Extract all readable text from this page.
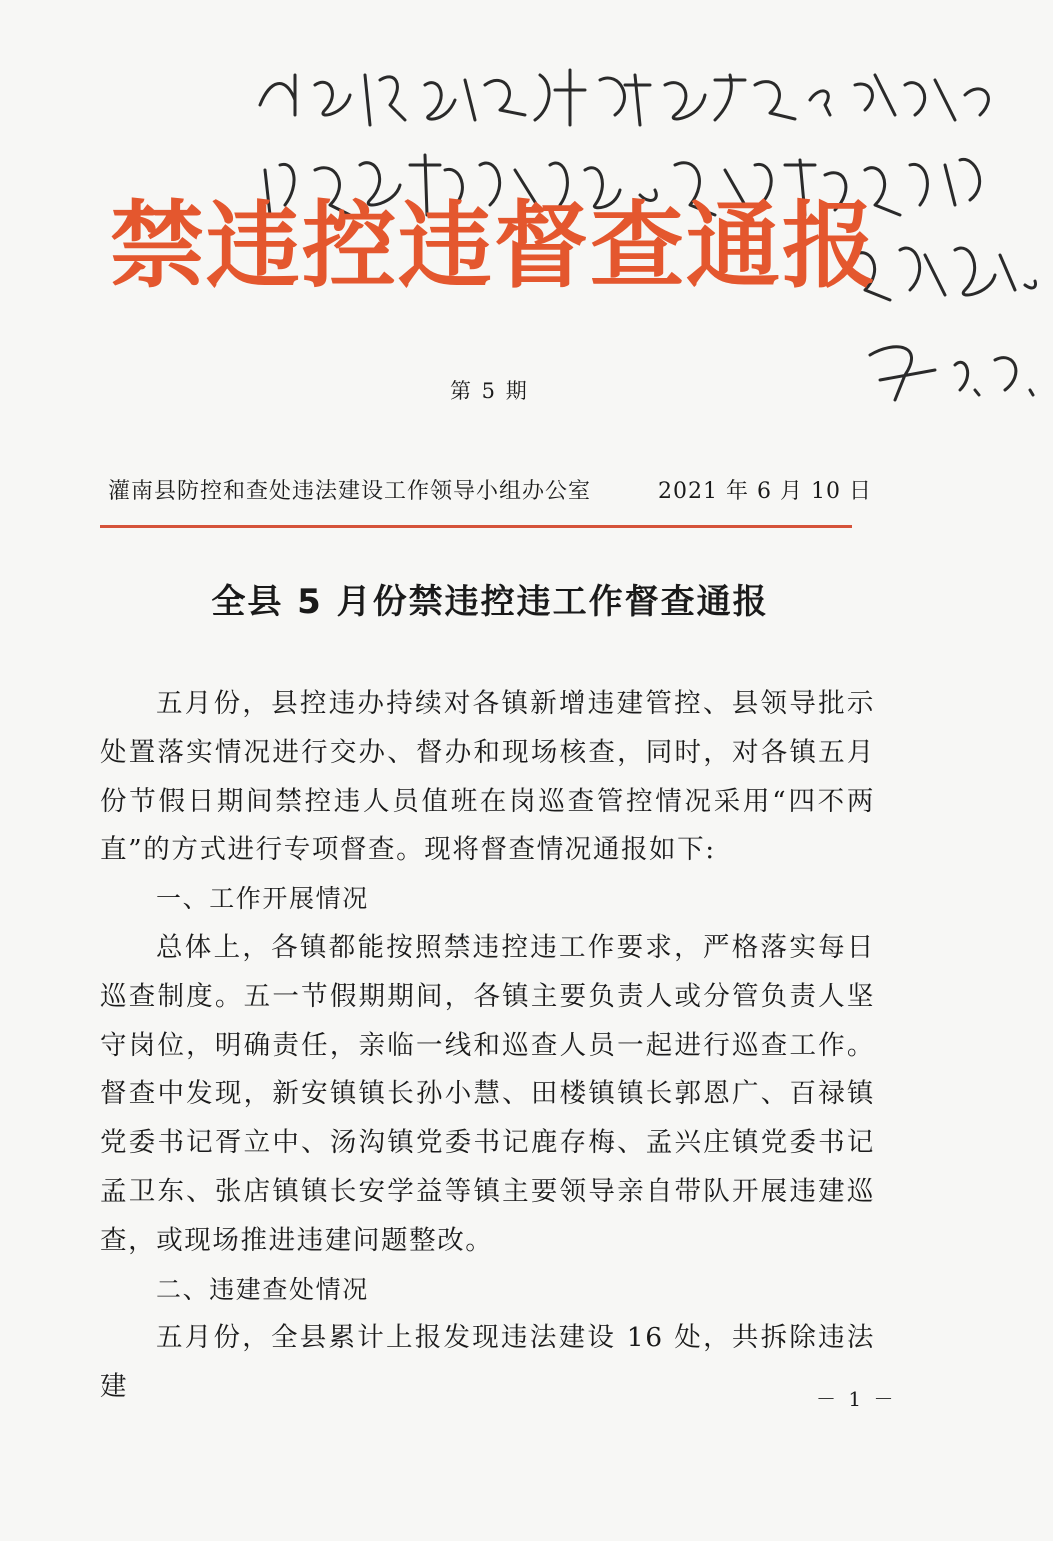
禁违控违督查通报
第 5 期
灌南县防控和查处违法建设工作领导小组办公室	2021 年 6 月 10 日
全县 5 月份禁违控违工作督查通报

五月份，县控违办持续对各镇新增违建管控、县领导批示处置落实情况进行交办、督办和现场核查，同时，对各镇五月份节假日期间禁控违人员值班在岗巡查管控情况采用“四不两直”的方式进行专项督查。现将督查情况通报如下:

一、工作开展情况

总体上，各镇都能按照禁违控违工作要求，严格落实每日巡查制度。五一节假期期间，各镇主要负责人或分管负责人坚守岗位，明确责任，亲临一线和巡查人员一起进行巡查工作。督查中发现，新安镇镇长孙小慧、田楼镇镇长郭恩广、百禄镇党委书记胥立中、汤沟镇党委书记鹿存梅、孟兴庄镇党委书记孟卫东、张店镇镇长安学益等镇主要领导亲自带队开展违建巡查，或现场推进违建问题整改。

二、违建查处情况

五月份，全县累计上报发现违法建设 16 处，共拆除违法建	－ 1 －
